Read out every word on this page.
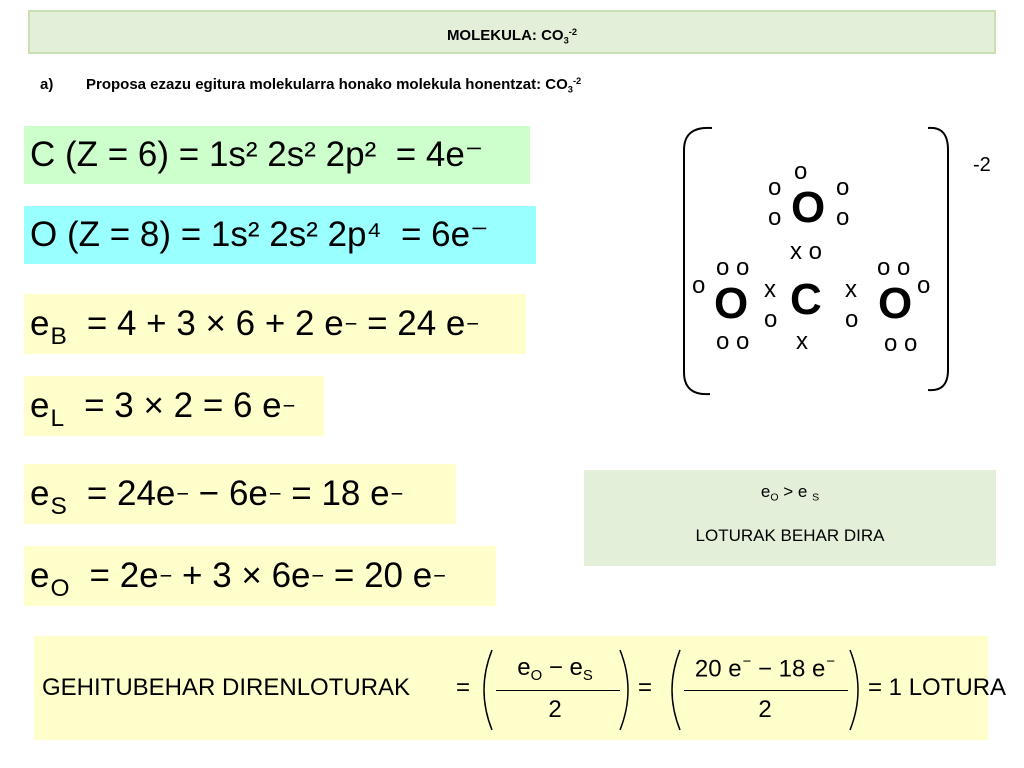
MOLEKULA: $CO_3^{-2}$
a) Proposa ezazu egitura molekularra honako molekula honentzat: $CO_3^{-2}$
C (Z = 6)
= 1s² 2s² 2p²
= 4e⁻
O (Z = 8)
= 1s² 2s² 2p⁴
= 6e⁻
$e_B = 4 + 3 \times 6 + 2$ e −
= 24 e −
$e_L = 3 \times 2 = 6$ e −
$e_S = 24e$ −
− 6e −
= 18 e −
$e_O = 2e$ −
+ 3 × 6e −
= 20 e −
-2
o
o o
O
o o
x o
o o
o O
o o
x
o C
x
x
o
o o
o
O
o o
$e_O > e$ $_S$
LOTURAK BEHAR DIRA
GEHITUBEHAR DIRENLOTURAK =
$e_O - e_S$
2
=
20 e− − 18 e−
2
= 1 LOTURA
